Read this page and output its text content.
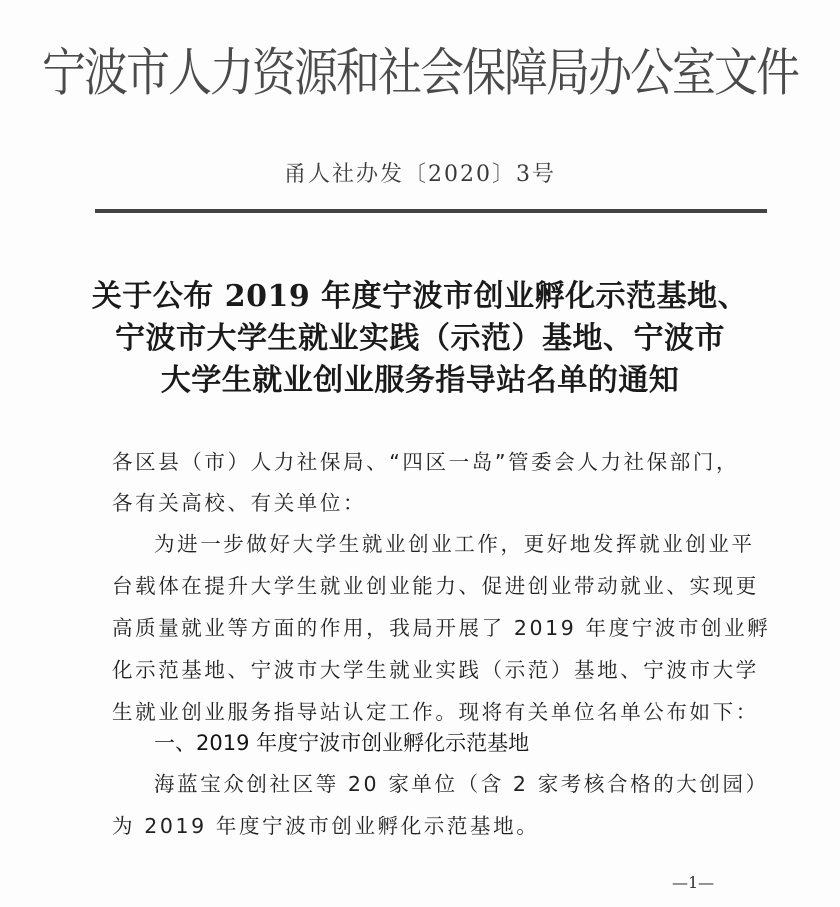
宁波市人力资源和社会保障局办公室文件
甬人社办发〔2020〕3号
关于公布 2019 年度宁波市创业孵化示范基地、
宁波市大学生就业实践（示范）基地、宁波市
大学生就业创业服务指导站名单的通知
各区县（市）人力社保局、“四区一岛”管委会人力社保部门，
各有关高校、有关单位：
为进一步做好大学生就业创业工作，更好地发挥就业创业平
台载体在提升大学生就业创业能力、促进创业带动就业、实现更
高质量就业等方面的作用，我局开展了 2019 年度宁波市创业孵
化示范基地、宁波市大学生就业实践（示范）基地、宁波市大学
生就业创业服务指导站认定工作。现将有关单位名单公布如下：
一、2019 年度宁波市创业孵化示范基地
海蓝宝众创社区等 20 家单位（含 2 家考核合格的大创园）
为 2019 年度宁波市创业孵化示范基地。
—1—
